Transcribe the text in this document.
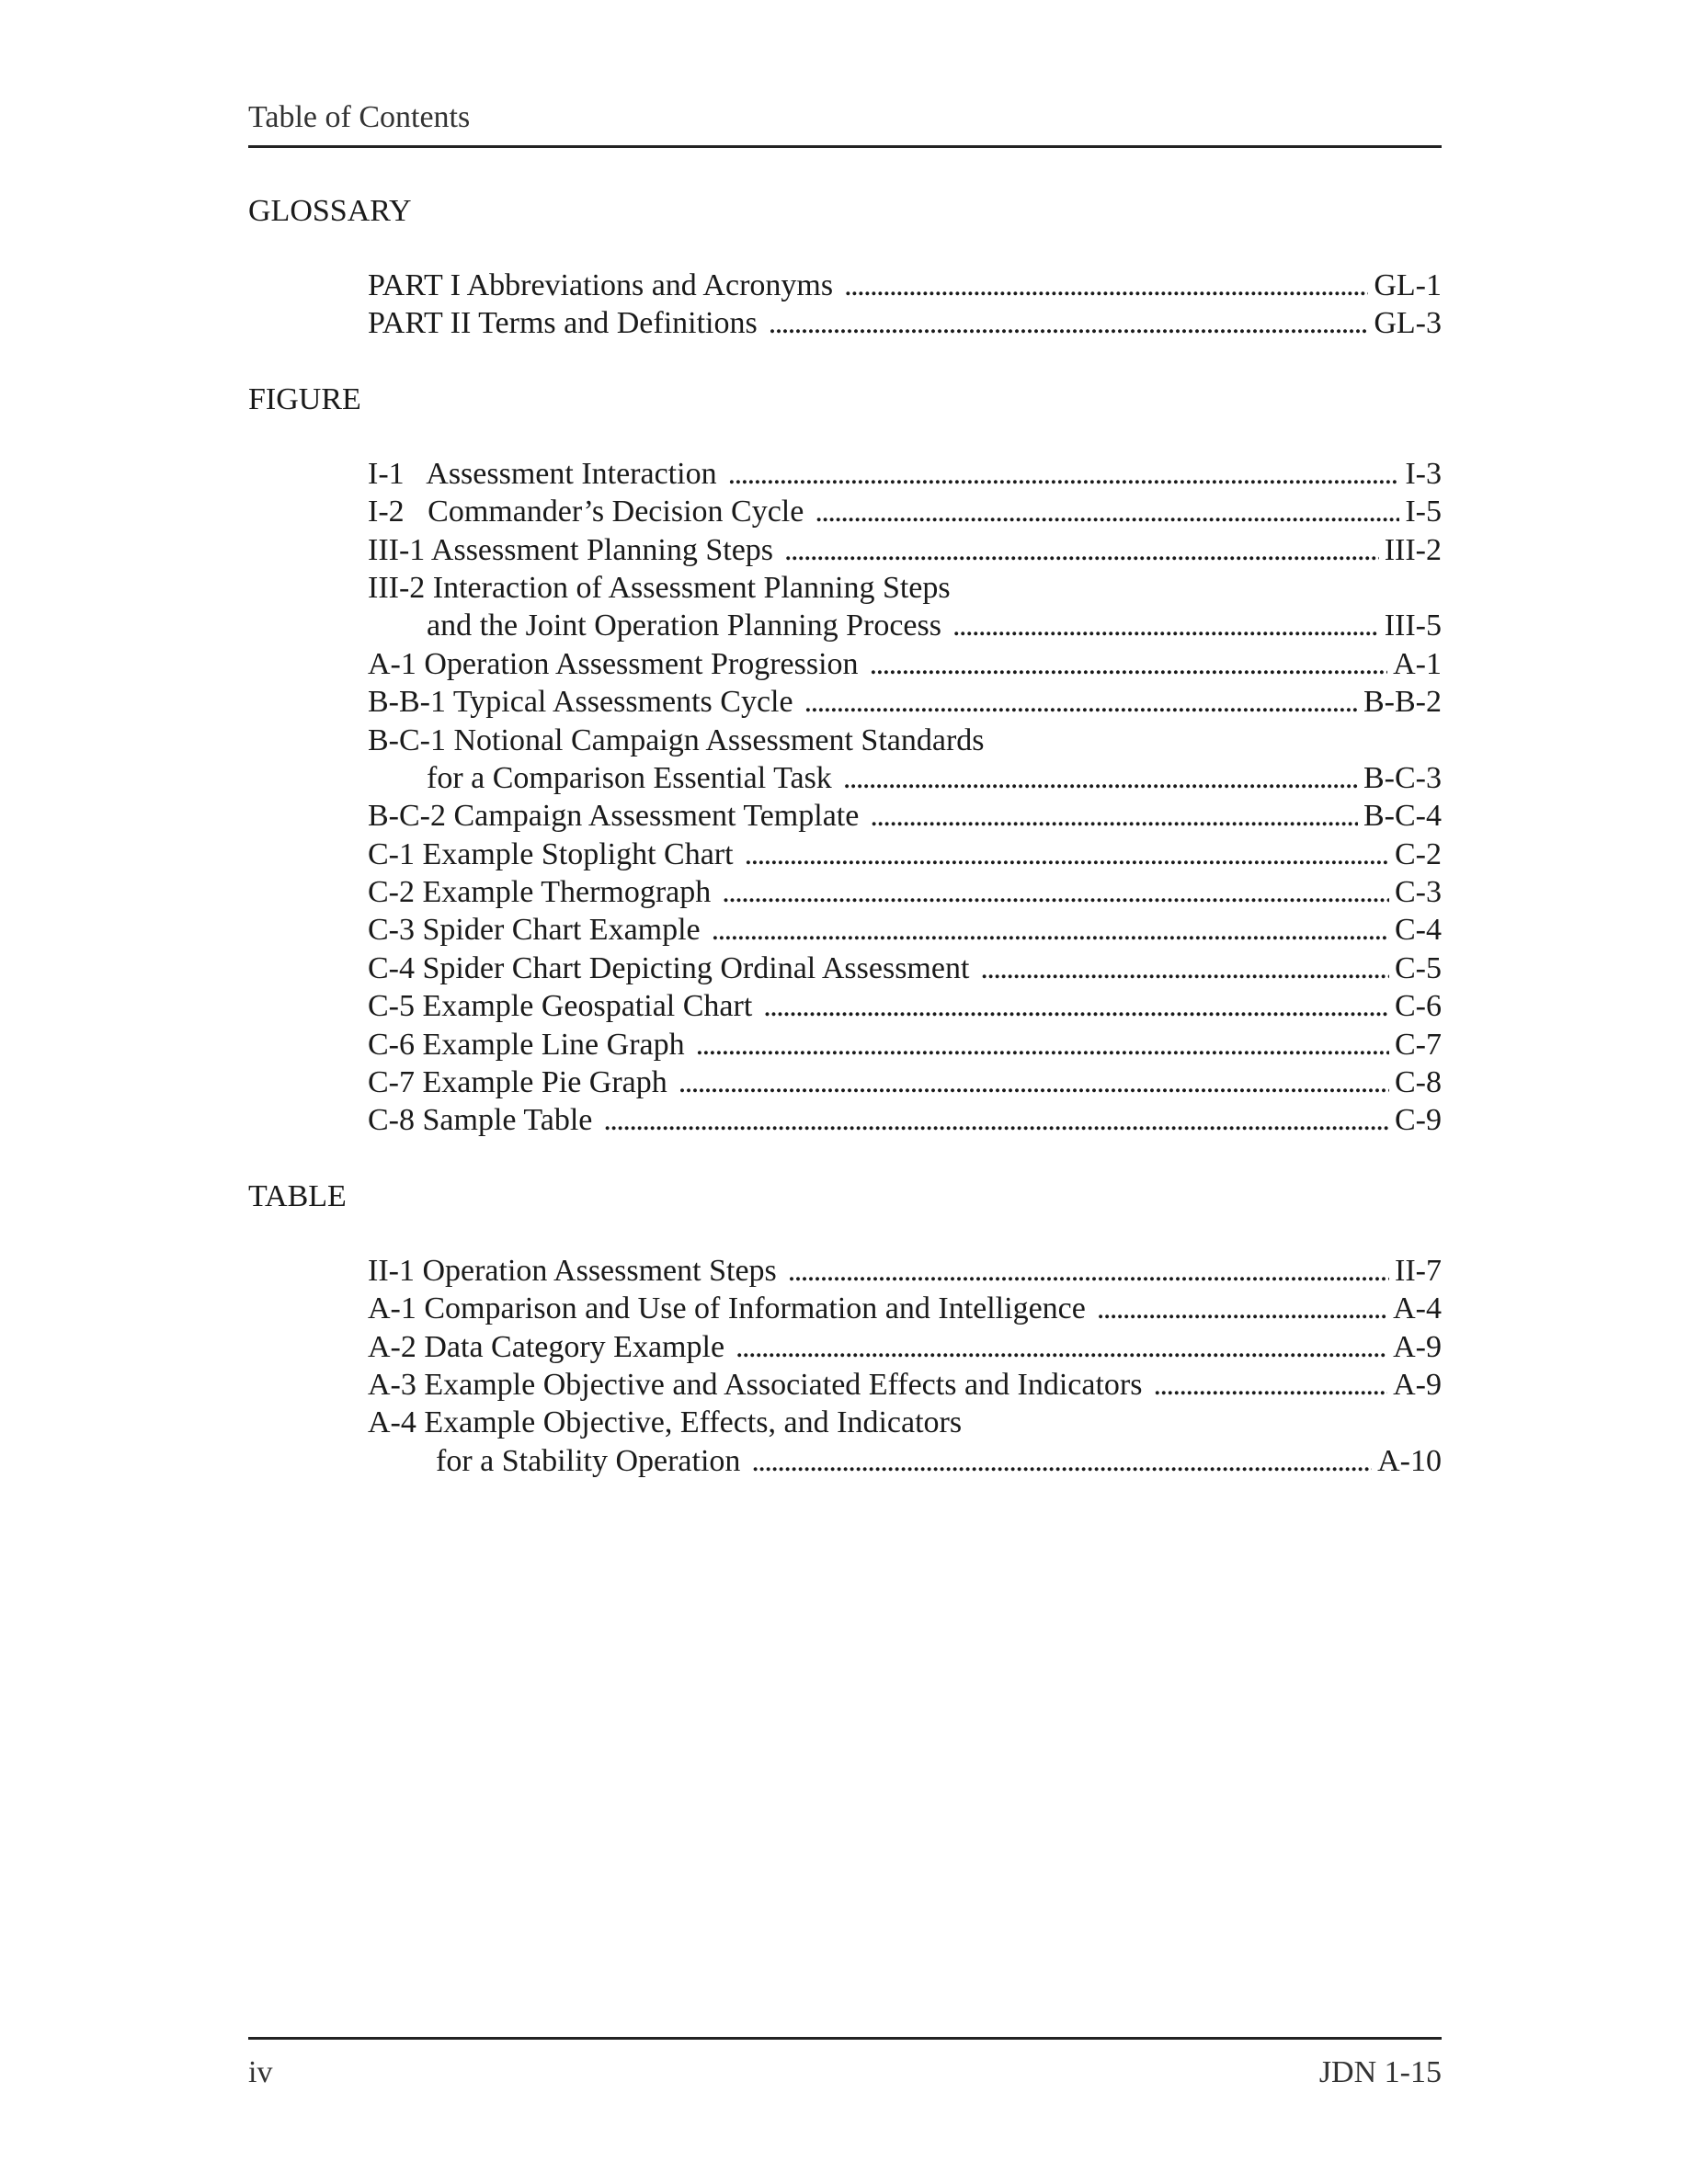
Table of Contents
GLOSSARY
PART I Abbreviations and Acronyms . . .	GL-1
PART II Terms and Definitions . . .	GL-3
FIGURE
I-1   Assessment Interaction . . .	I-3
I-2   Commander’s Decision Cycle . . .	I-5
III-1 Assessment Planning Steps . . .	III-2
III-2 Interaction of Assessment Planning Steps
and the Joint Operation Planning Process . . .	III-5
A-1 Operation Assessment Progression . . .	A-1
B-B-1 Typical Assessments Cycle . . .	B-B-2
B-C-1 Notional Campaign Assessment Standards
for a Comparison Essential Task . . .	B-C-3
B-C-2 Campaign Assessment Template . . .	B-C-4
C-1 Example Stoplight Chart . . .	C-2
C-2 Example Thermograph . . .	C-3
C-3 Spider Chart Example . . .	C-4
C-4 Spider Chart Depicting Ordinal Assessment . . .	C-5
C-5 Example Geospatial Chart . . .	C-6
C-6 Example Line Graph . . .	C-7
C-7 Example Pie Graph . . .	C-8
C-8 Sample Table . . .	C-9
TABLE
II-1 Operation Assessment Steps . . .	II-7
A-1 Comparison and Use of Information and Intelligence . . .	A-4
A-2 Data Category Example . . .	A-9
A-3 Example Objective and Associated Effects and Indicators . . .	A-9
A-4 Example Objective, Effects, and Indicators
for a Stability Operation . . .	A-10
iv	JDN 1-15
